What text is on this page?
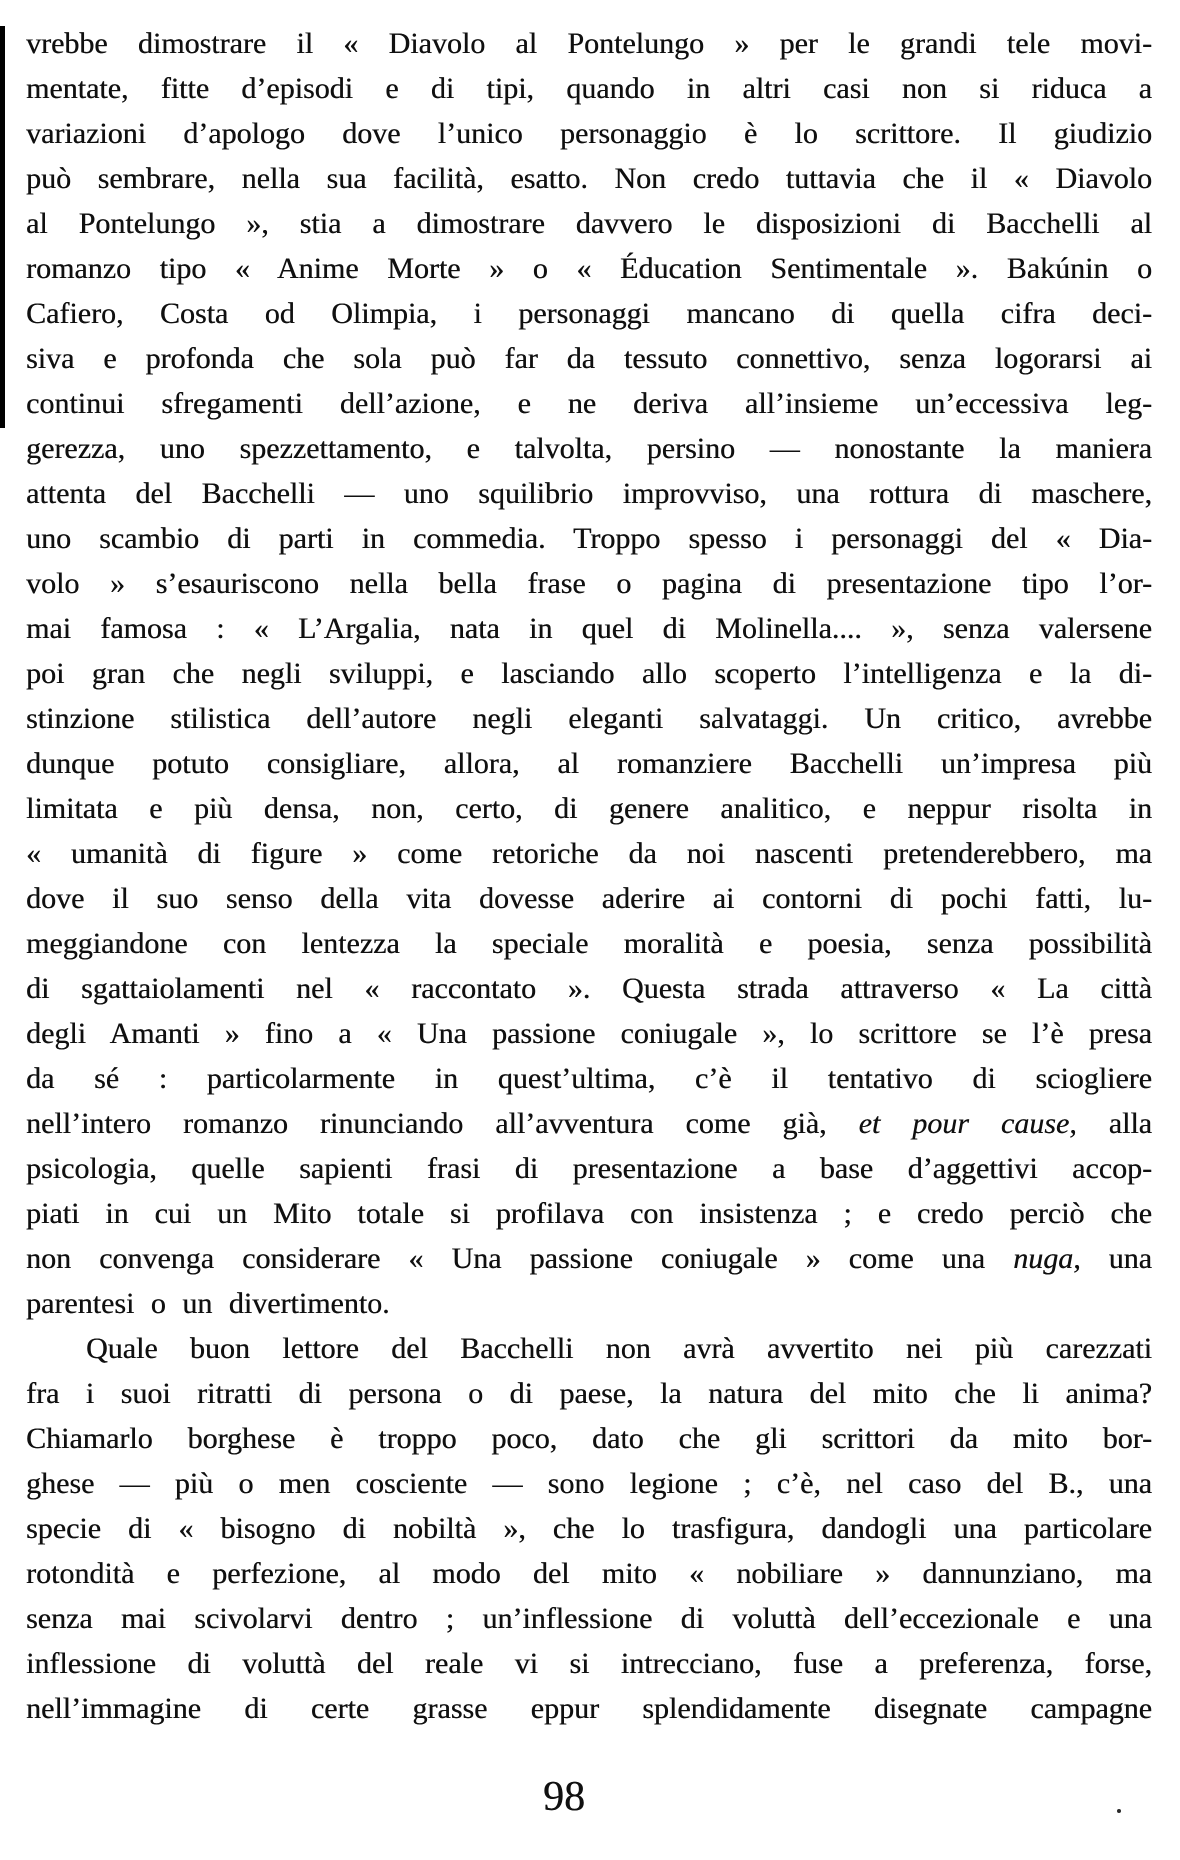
vrebbe dimostrare il « Diavolo al Pontelungo » per le grandi tele movi-
mentate, fitte d’episodi e di tipi, quando in altri casi non si riduca a
variazioni d’apologo dove l’unico personaggio è lo scrittore. Il giudizio
può sembrare, nella sua facilità, esatto. Non credo tuttavia che il « Diavolo
al Pontelungo », stia a dimostrare davvero le disposizioni di Bacchelli al
romanzo tipo « Anime Morte » o « Éducation Sentimentale ». Bakúnin o
Cafiero, Costa od Olimpia, i personaggi mancano di quella cifra deci-
siva e profonda che sola può far da tessuto connettivo, senza logorarsi ai
continui sfregamenti dell’azione, e ne deriva all’insieme un’eccessiva leg-
gerezza, uno spezzettamento, e talvolta, persino — nonostante la maniera
attenta del Bacchelli — uno squilibrio improvviso, una rottura di maschere,
uno scambio di parti in commedia. Troppo spesso i personaggi del « Dia-
volo » s’esauriscono nella bella frase o pagina di presentazione tipo l’or-
mai famosa : « L’Argalia, nata in quel di Molinella.... », senza valersene
poi gran che negli sviluppi, e lasciando allo scoperto l’intelligenza e la di-
stinzione stilistica dell’autore negli eleganti salvataggi. Un critico, avrebbe
dunque potuto consigliare, allora, al romanziere Bacchelli un’impresa più
limitata e più densa, non, certo, di genere analitico, e neppur risolta in
« umanità di figure » come retoriche da noi nascenti pretenderebbero, ma
dove il suo senso della vita dovesse aderire ai contorni di pochi fatti, lu-
meggiandone con lentezza la speciale moralità e poesia, senza possibilità
di sgattaiolamenti nel « raccontato ». Questa strada attraverso « La città
degli Amanti » fino a « Una passione coniugale », lo scrittore se l’è presa
da sé : particolarmente in quest’ultima, c’è il tentativo di sciogliere
nell’intero romanzo rinunciando all’avventura come già, et pour cause, alla
psicologia, quelle sapienti frasi di presentazione a base d’aggettivi accop-
piati in cui un Mito totale si profilava con insistenza ; e credo perciò che
non convenga considerare « Una passione coniugale » come una nuga, una
parentesi o un divertimento.
Quale buon lettore del Bacchelli non avrà avvertito nei più carezzati
fra i suoi ritratti di persona o di paese, la natura del mito che li anima?
Chiamarlo borghese è troppo poco, dato che gli scrittori da mito bor-
ghese — più o men cosciente — sono legione ; c’è, nel caso del B., una
specie di « bisogno di nobiltà », che lo trasfigura, dandogli una particolare
rotondità e perfezione, al modo del mito « nobiliare » dannunziano, ma
senza mai scivolarvi dentro ; un’inflessione di voluttà dell’eccezionale e una
inflessione di voluttà del reale vi si intrecciano, fuse a preferenza, forse,
nell’immagine di certe grasse eppur splendidamente disegnate campagne
98
